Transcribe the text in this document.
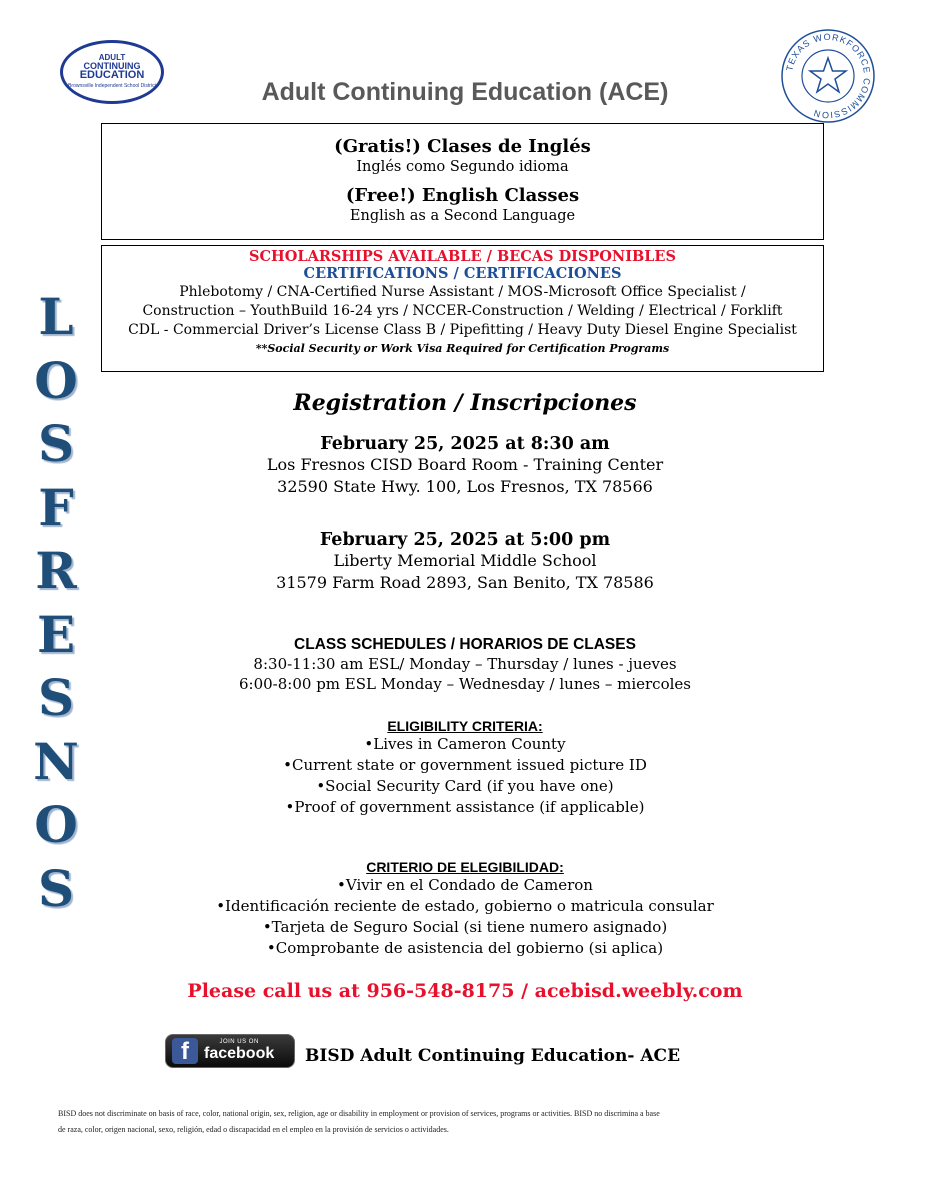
ADULT
CONTINUING
EDUCATION
Brownsville Independent School District
TEXAS WORKFORCE COMMISSION
Adult Continuing Education (ACE)
(Gratis!) Clases de Inglés
Inglés como Segundo idioma
(Free!) English Classes
English as a Second Language
SCHOLARSHIPS AVAILABLE / BECAS DISPONIBLES
CERTIFICATIONS / CERTIFICACIONES
Phlebotomy / CNA-Certified Nurse Assistant / MOS-Microsoft Office Specialist /
Construction – YouthBuild 16-24 yrs / NCCER-Construction / Welding / Electrical / Forklift
CDL - Commercial Driver’s License Class B / Pipefitting / Heavy Duty Diesel Engine Specialist
**Social Security or Work Visa Required for Certification Programs
L
O
S
F
R
E
S
N
O
S
Registration / Inscripciones
February 25, 2025 at 8:30 am
Los Fresnos CISD Board Room - Training Center
32590 State Hwy. 100, Los Fresnos, TX 78566
February 25, 2025 at 5:00 pm
Liberty Memorial Middle School
31579 Farm Road 2893, San Benito, TX 78586
CLASS SCHEDULES / HORARIOS DE CLASES
8:30-11:30 am ESL/ Monday – Thursday / lunes - jueves
6:00-8:00 pm ESL Monday – Wednesday / lunes – miercoles
ELIGIBILITY CRITERIA:
•Lives in Cameron County
•Current state or government issued picture ID
•Social Security Card (if you have one)
•Proof of government assistance (if applicable)
CRITERIO DE ELEGIBILIDAD:
•Vivir en el Condado de Cameron
•Identificación reciente de estado, gobierno o matricula consular
•Tarjeta de Seguro Social (si tiene numero asignado)
•Comprobante de asistencia del gobierno (si aplica)
Please call us at 956-548-8175 / acebisd.weebly.com
f	JOIN US ON
facebook BISD Adult Continuing Education- ACE
BISD does not discriminate on basis of race, color, national origin, sex, religion, age or disability in employment or provision of services, programs or activities. BISD no discrimina a base
de raza, color, origen nacional, sexo, religión, edad o discapacidad en el empleo en la provisión de servicios o actividades.
